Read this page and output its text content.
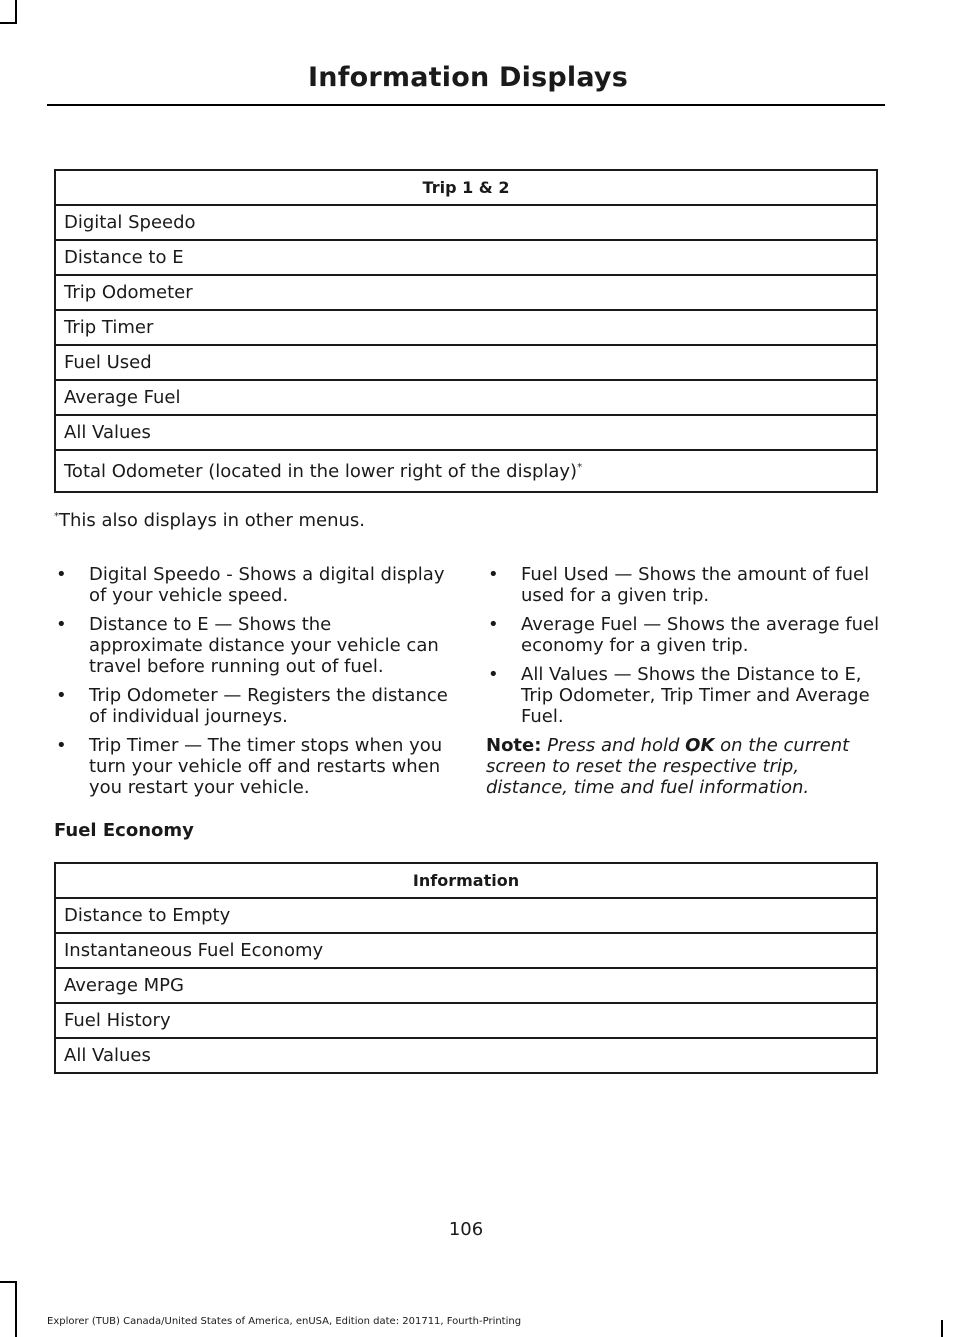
Information Displays
Trip 1 & 2
Digital Speedo
Distance to E
Trip Odometer
Trip Timer
Fuel Used
Average Fuel
All Values
Total Odometer (located in the lower right of the display)*
*This also displays in other menus.
• Digital Speedo - Shows a digital display of your vehicle speed.
• Distance to E — Shows the approximate distance your vehicle can travel before running out of fuel.
• Trip Odometer — Registers the distance of individual journeys.
• Trip Timer — The timer stops when you turn your vehicle off and restarts when you restart your vehicle.
• Fuel Used — Shows the amount of fuel used for a given trip.
• Average Fuel — Shows the average fuel economy for a given trip.
• All Values — Shows the Distance to E, Trip Odometer, Trip Timer and Average Fuel.

Note: Press and hold OK on the current screen to reset the respective trip, distance, time and fuel information.

Fuel Economy
Information
Distance to Empty
Instantaneous Fuel Economy
Average MPG
Fuel History
All Values
106
Explorer (TUB) Canada/United States of America, enUSA, Edition date: 201711, Fourth-Printing
